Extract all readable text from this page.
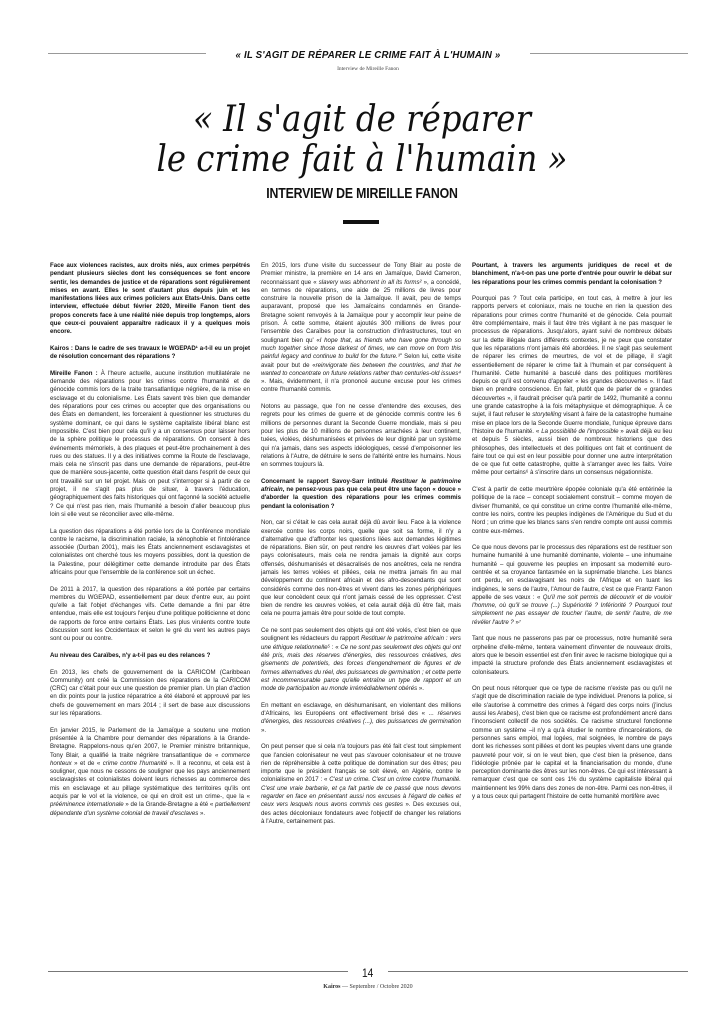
« IL S'AGIT DE RÉPARER LE CRIME FAIT À L'HUMAIN »
Interview de Mireille Fanon
« Il s'agit de réparer
le crime fait à l'humain »
INTERVIEW DE MIREILLE FANON

Face aux violences racistes, aux droits niés, aux crimes perpétrés pendant plusieurs siècles dont les conséquences se font encore sentir, les demandes de justice et de réparations sont régulièrement mises en avant. Elles le sont d'autant plus depuis juin et les manifestations liées aux crimes policiers aux Etats-Unis. Dans cette interview, effectuée début février 2020, Mireille Fanon tient des propos concrets face à une réalité niée depuis trop longtemps, alors que ceux-ci pouvaient apparaître radicaux il y a quelques mois encore.

Kairos : Dans le cadre de ses travaux le WGEPAD¹ a-t-il eu un projet de résolution concernant des réparations ?

Mireille Fanon : À l'heure actuelle, aucune institution multilatérale ne demande des réparations pour les crimes contre l'humanité et de génocide commis lors de la traite transatlantique négrière, de la mise en esclavage et du colonialisme. Les États savent très bien que demander des réparations pour ces crimes ou accepter que des organisations ou des États en demandent, les forceraient à questionner les structures du système dominant, ce qui dans le système capitaliste libéral blanc est impossible. C'est bien pour cela qu'il y a un consensus pour laisser hors de la sphère politique le processus de réparations. On consent à des événements mémoriels, à des plaques et peut-être prochainement à des rues ou des statues. Il y a des initiatives comme la Route de l'esclavage, mais cela ne s'inscrit pas dans une demande de réparations, peut-être que de manière sous-jacente, cette question était dans l'esprit de ceux qui ont travaillé sur un tel projet. Mais on peut s'interroger si à partir de ce projet, il ne s'agit pas plus de situer, à travers l'éducation, géographiquement des faits historiques qui ont façonné la société actuelle ? Ce qui n'est pas rien, mais l'humanité a besoin d'aller beaucoup plus loin si elle veut se réconcilier avec elle-même.

La question des réparations a été portée lors de la Conférence mondiale contre le racisme, la discrimination raciale, la xénophobie et l'intolérance associée (Durban 2001), mais les États anciennement esclavagistes et colonialistes ont cherché tous les moyens possibles, dont la question de la Palestine, pour délégitimer cette demande introduite par des États africains pour que l'ensemble de la conférence soit un échec.

De 2011 à 2017, la question des réparations a été portée par certains membres du WGEPAD, essentiellement par deux d'entre eux, au point qu'elle a fait l'objet d'échanges vifs. Cette demande a fini par être entendue, mais elle est toujours l'enjeu d'une politique politicienne et donc de rapports de force entre certains États. Les plus virulents contre toute discussion sont les Occidentaux et selon le gré du vent les autres pays sont ou pour ou contre.

Au niveau des Caraïbes, n'y a-t-il pas eu des relances ?

En 2013, les chefs de gouvernement de la CARICOM (Caribbean Community) ont créé la Commission des réparations de la CARICOM (CRC) car c'était pour eux une question de premier plan. Un plan d'action en dix points pour la justice réparatrice a été élaboré et approuvé par les chefs de gouvernement en mars 2014 ; il sert de base aux discussions sur les réparations.

En janvier 2015, le Parlement de la Jamaïque a soutenu une motion présentée à la Chambre pour demander des réparations à la Grande-Bretagne. Rappelons-nous qu'en 2007, le Premier ministre britannique, Tony Blair, a qualifié la traite négrière transatlantique de « commerce honteux » et de « crime contre l'humanité ». Il a reconnu, et cela est à souligner, que nous ne cessons de souligner que les pays anciennement esclavagistes et colonialistes doivent leurs richesses au commerce des mis en esclavage et au pillage systématique des territoires qu'ils ont acquis par le vol et la violence, ce qui en droit est un crime-, que la « prééminence internationale » de la Grande-Bretagne a été « partiellement dépendante d'un système colonial de travail d'esclaves ».

En 2015, lors d'une visite du successeur de Tony Blair au poste de Premier ministre, la première en 14 ans en Jamaïque, David Cameron, reconnaissant que « slavery was abhorrent in all its forms² », a concédé, en termes de réparations, une aide de 25 millions de livres pour construire la nouvelle prison de la Jamaïque. Il avait, peu de temps auparavant, proposé que les Jamaïcains condamnés en Grande-Bretagne soient renvoyés à la Jamaïque pour y accomplir leur peine de prison. À cette somme, étaient ajoutés 300 millions de livres pour l'ensemble des Caraïbes pour la construction d'infrastructures, tout en soulignant bien qu' «I hope that, as friends who have gone through so much together since those darkest of times, we can move on from this painful legacy and continue to build for the future.³" Selon lui, cette visite avait pour but de «reinvigorate ties between the countries, and that he wanted to concentrate on future relations rather than centuries-old issues⁴ ». Mais, évidemment, il n'a prononcé aucune excuse pour les crimes contre l'humanité commis.

Notons au passage, que l'on ne cesse d'entendre des excuses, des regrets pour les crimes de guerre et de génocide commis contre les 6 millions de personnes durant la Seconde Guerre mondiale, mais si peu pour les plus de 10 millions de personnes arrachées à leur continent, tuées, violées, déshumanisées et privées de leur dignité par un système qui n'a jamais, dans ses aspects idéologiques, cessé d'empoisonner les relations à l'Autre, de détruire le sens de l'altérité entre les humains. Nous en sommes toujours là.

Concernant le rapport Savoy-Sarr intitulé Restituer le patrimoine africain, ne pensez-vous pas que cela peut être une façon « douce » d'aborder la question des réparations pour les crimes commis pendant la colonisation ?

Non, car si c'était le cas cela aurait déjà dû avoir lieu. Face à la violence exercée contre les corps noirs, quelle que soit sa forme, il n'y a d'alternative que d'affronter les questions liées aux demandes légitimes de réparations. Bien sûr, on peut rendre les œuvres d'art volées par les pays colonisateurs, mais cela ne rendra jamais la dignité aux corps offensés, déshumanisés et désacralisés de nos ancêtres, cela ne rendra jamais les terres volées et pillées, cela ne mettra jamais fin au mal développement du continent africain et des afro-descendants qui sont considérés comme des non-êtres et vivent dans les zones périphériques que leur concèdent ceux qui n'ont jamais cessé de les oppresser. C'est bien de rendre les œuvres volées, et cela aurait déjà dû être fait, mais cela ne pourra jamais être pour solde de tout compte.

Ce ne sont pas seulement des objets qui ont été volés, c'est bien ce que soulignent les rédacteurs du rapport Restituer le patrimoine africain : vers une éthique relationnelle⁵ : « Ce ne sont pas seulement des objets qui ont été pris, mais des réserves d'énergies, des ressources créatives, des gisements de potentiels, des forces d'engendrement de figures et de formes alternatives du réel, des puissances de germination ; et cette perte est incommensurable parce qu'elle entraîne un type de rapport et un mode de participation au monde irrémédiablement obérés ».

En mettant en esclavage, en déshumanisant, en violentant des millions d'Africains, les Européens ont effectivement brisé des « ... réserves d'énergies, des ressources créatives (...), des puissances de germination ».

On peut penser que si cela n'a toujours pas été fait c'est tout simplement que l'ancien colonisateur ne veut pas s'avouer colonisateur et ne trouve rien de répréhensible à cette politique de domination sur des êtres; peu importe que le président français se soit élevé, en Algérie, contre le colonialisme en 2017 : « C'est un crime. C'est un crime contre l'humanité. C'est une vraie barbarie, et ça fait partie de ce passé que nous devons regarder en face en présentant aussi nos excuses à l'égard de celles et ceux vers lesquels nous avons commis ces gestes ». Des excuses oui, des actes décoloniaux fondateurs avec l'objectif de changer les relations à l'Autre, certainement pas.

Pourtant, à travers les arguments juridiques de recel et de blanchiment, n'a-t-on pas une porte d'entrée pour ouvrir le débat sur les réparations pour les crimes commis pendant la colonisation ?

Pourquoi pas ? Tout cela participe, en tout cas, à mettre à jour les rapports pervers et coloniaux, mais ne touche en rien la question des réparations pour crimes contre l'humanité et de génocide. Cela pourrait être complémentaire, mais il faut être très vigilant à ne pas masquer le processus de réparations. Jusqu'alors, ayant suivi de nombreux débats sur la dette illégale dans différents contextes, je ne peux que constater que les réparations n'ont jamais été abordées. Il ne s'agit pas seulement de réparer les crimes de meurtres, de vol et de pillage, il s'agit essentiellement de réparer le crime fait à l'humain et par conséquent à l'humanité. Cette humanité a basculé dans des politiques mortifères depuis ce qu'il est convenu d'appeler « les grandes découvertes ». Il faut bien en prendre conscience. En fait, plutôt que de parler de « grandes découvertes », il faudrait préciser qu'à partir de 1492, l'humanité a connu une grande catastrophe à la fois métaphysique et démographique. À ce sujet, il faut refuser le storytelling visant à faire de la catastrophe humaine mise en place lors de la Seconde Guerre mondiale, l'unique épreuve dans l'histoire de l'humanité. « La possibilité de l'impossible » avait déjà eu lieu et depuis 5 siècles, aussi bien de nombreux historiens que des philosophes, des intellectuels et des politiques ont fait et continuent de faire tout ce qui est en leur possible pour donner une autre interprétation de ce que fut cette catastrophe, quitte à s'arranger avec les faits. Voire même pour certains⁶ à s'inscrire dans un consensus négationniste.

C'est à partir de cette meurtrière épopée coloniale qu'a été entérinée la politique de la race – concept socialement construit – comme moyen de diviser l'humanité, ce qui constitue un crime contre l'humanité elle-même, contre les noirs, contre les peuples indigènes de l'Amérique du Sud et du Nord ; un crime que les blancs sans s'en rendre compte ont aussi commis contre eux-mêmes.

Ce que nous devons par le processus des réparations est de restituer son humaine humanité à une humanité dominante, violente – une inhumaine humanité – qui gouverne les peuples en imposant sa modernité euro-centrée et sa croyance fantasmée en la suprématie blanche. Les blancs ont perdu, en esclavagisant les noirs de l'Afrique et en tuant les indigènes, le sens de l'autre, l'Amour de l'autre, c'est ce que Frantz Fanon appelle de ses vœux : « Qu'il me soit permis de découvrir et de vouloir l'homme, où qu'il se trouve (...) Supériorité ? Infériorité ? Pourquoi tout simplement ne pas essayer de toucher l'autre, de sentir l'autre, de me révéler l'autre ? »⁷

Tant que nous ne passerons pas par ce processus, notre humanité sera orpheline d'elle-même, tentera vainement d'inventer de nouveaux droits, alors que le besoin essentiel est d'en finir avec le racisme biologique qui a impacté la structure profonde des États anciennement esclavagistes et colonisateurs.

On peut nous rétorquer que ce type de racisme n'existe pas ou qu'il ne s'agit que de discrimination raciale de type individuel. Prenons la police, si elle s'autorise à commettre des crimes à l'égard des corps noirs (j'inclus aussi les Arabes), c'est bien que ce racisme est profondément ancré dans l'inconscient collectif de nos sociétés. Ce racisme structurel fonctionne comme un système –il n'y a qu'à étudier le nombre d'incarcérations, de personnes sans emploi, mal logées, mal soignées, le nombre de pays dont les richesses sont pillées et dont les peuples vivent dans une grande pauvreté pour voir, si on le veut bien, que c'est bien la présence, dans l'idéologie prônée par le capital et la financiarisation du monde, d'une perception dominante des êtres sur les non-êtres. Ce qui est intéressant à remarquer c'est que ce sont ces 1% du système capitaliste libéral qui maintiennent les 99% dans des zones de non-être. Parmi ces non-êtres, il y a tous ceux qui partagent l'histoire de cette humanité mortifère avec

14
Kairos — Septembre / Octobre 2020
